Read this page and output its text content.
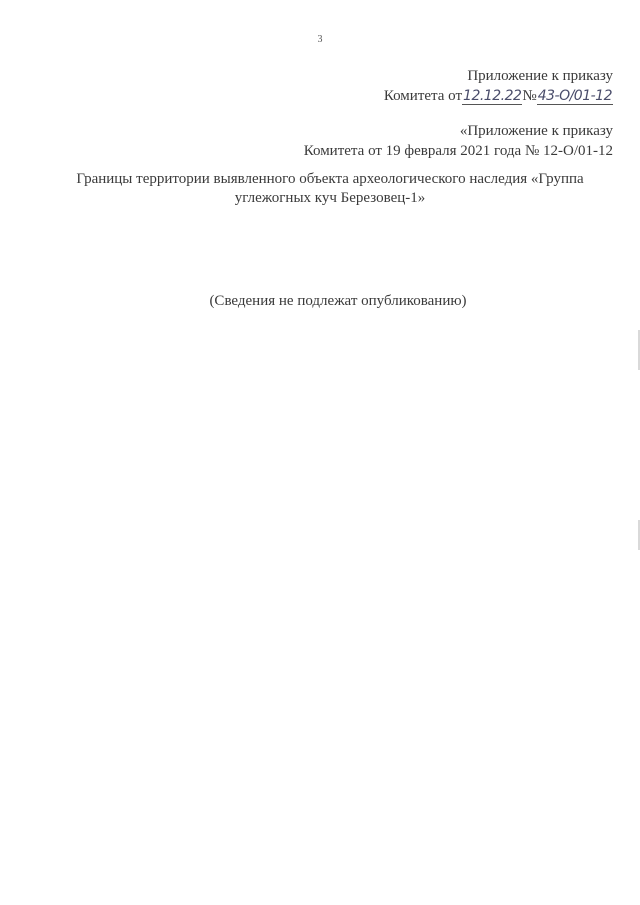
3
Приложение к приказу
Комитета от12.12.22№43-О/01-12
«Приложение к приказу
Комитета от 19 февраля 2021 года № 12-О/01-12
Границы территории выявленного объекта археологического наследия «Группа
углежогных куч Березовец-1»
(Сведения не подлежат опубликованию)
